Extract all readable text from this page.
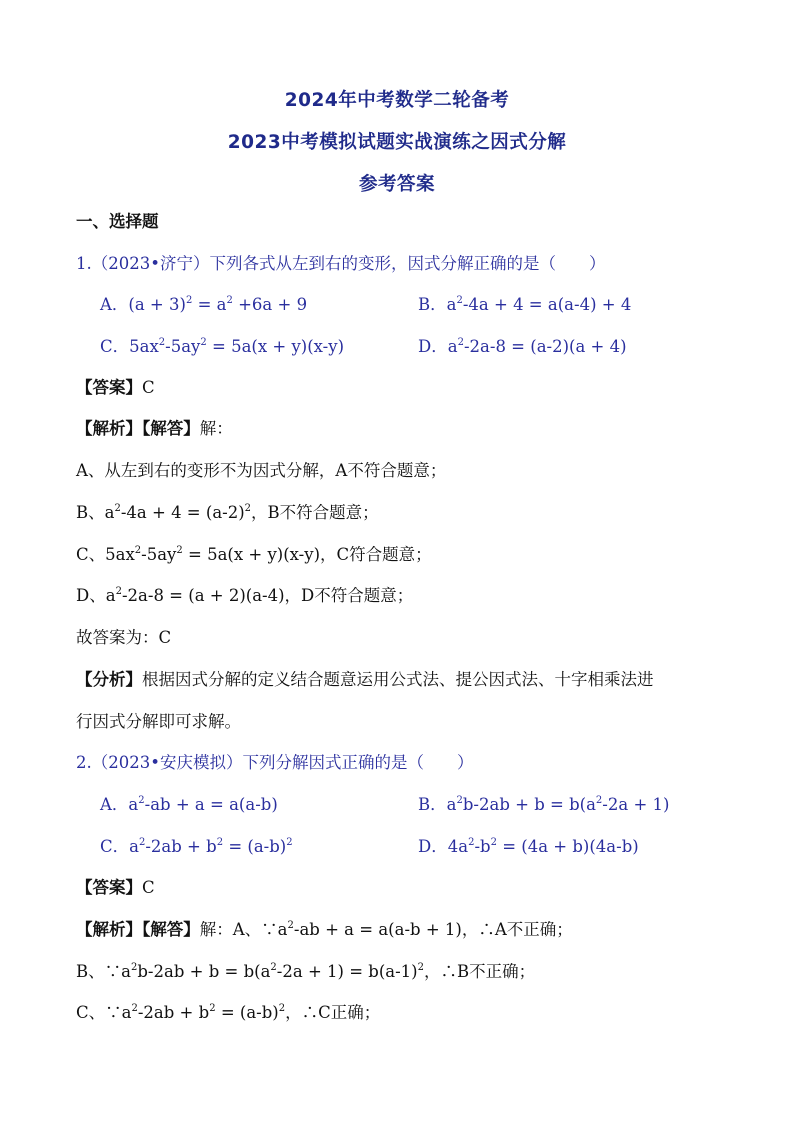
2024年中考数学二轮备考
2023中考模拟试题实战演练之因式分解
参考答案
一、选择题
1.（2023•济宁）下列各式从左到右的变形，因式分解正确的是（　　）
A．$(a + 3)^2 = a^2 +6a + 9$	B．$a^2-4a + 4 = a(a-4) + 4$
C．$5ax^2-5ay^2 = 5a(x + y)(x-y)$	D．$a^2-2a-8 = (a-2)(a + 4)$
【答案】C
【解析】【解答】解：
A、从左到右的变形不为因式分解，A不符合题意；
B、$a^2-4a + 4 = (a-2)^2$，B不符合题意；
C、$5ax^2-5ay^2 = 5a(x + y)(x-y)$，C符合题意；
D、$a^2-2a-8 = (a + 2)(a-4)$，D不符合题意；
故答案为：C
【分析】根据因式分解的定义结合题意运用公式法、提公因式法、十字相乘法进
行因式分解即可求解。
2.（2023•安庆模拟）下列分解因式正确的是（　　）
A．$a^2-ab + a = a(a-b)$	B．$a^2b-2ab + b = b(a^2-2a + 1)$
C．$a^2-2ab + b^2 = (a-b)^2$	D．$4a^2-b^2 = (4a + b)(4a-b)$
【答案】C
【解析】【解答】解：A、$\because a^2-ab + a = a(a-b + 1)$，∴A不正确；
B、$\because a^2b-2ab + b = b(a^2-2a + 1) = b(a-1)^2$，∴B不正确；
C、$\because a^2-2ab + b^2 = (a-b)^2$，∴C正确；
